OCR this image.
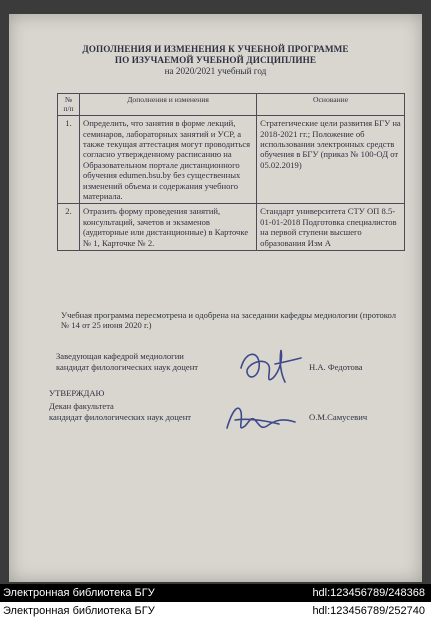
ДОПОЛНЕНИЯ И ИЗМЕНЕНИЯ К УЧЕБНОЙ ПРОГРАММЕ
ПО ИЗУЧАЕМОЙ УЧЕБНОЙ ДИСЦИПЛИНЕ
на 2020/2021 учебный год
№ п/п	Дополнения и изменения	Основание
1.	Определить, что занятия в форме лекций, семинаров, лабораторных занятий и УСР, а также текущая аттестация могут проводиться согласно утвержденному расписанию на Образовательном портале дистанционного обучения edumen.bsu.by без существенных изменений объема и содержания учебного материала.	Стратегические цели развития БГУ на 2018-2021 гг.; Положение об использовании электронных средств обучения в БГУ (приказ № 100-ОД от 05.02.2019)
2.	Отразить форму проведения занятий, консультаций, зачетов и экзаменов (аудиторные или дистанционные) в Карточке № 1, Карточке № 2.	Стандарт университета СТУ ОП 8.5-01-01-2018 Подготовка специалистов на первой ступени высшего образования Изм А
Учебная программа пересмотрена и одобрена на заседании кафедры медиологии (протокол № 14 от 25 июня 2020 г.)
Заведующая кафедрой медиологии
кандидат филологических наук доцент	Н.А. Федотова
УТВЕРЖДАЮ
Декан факультета
кандидат филологических наук доцент	О.М.Самусевич
Электронная библиотека БГУ	hdl:123456789/248368
Электронная библиотека БГУ	hdl:123456789/252740
